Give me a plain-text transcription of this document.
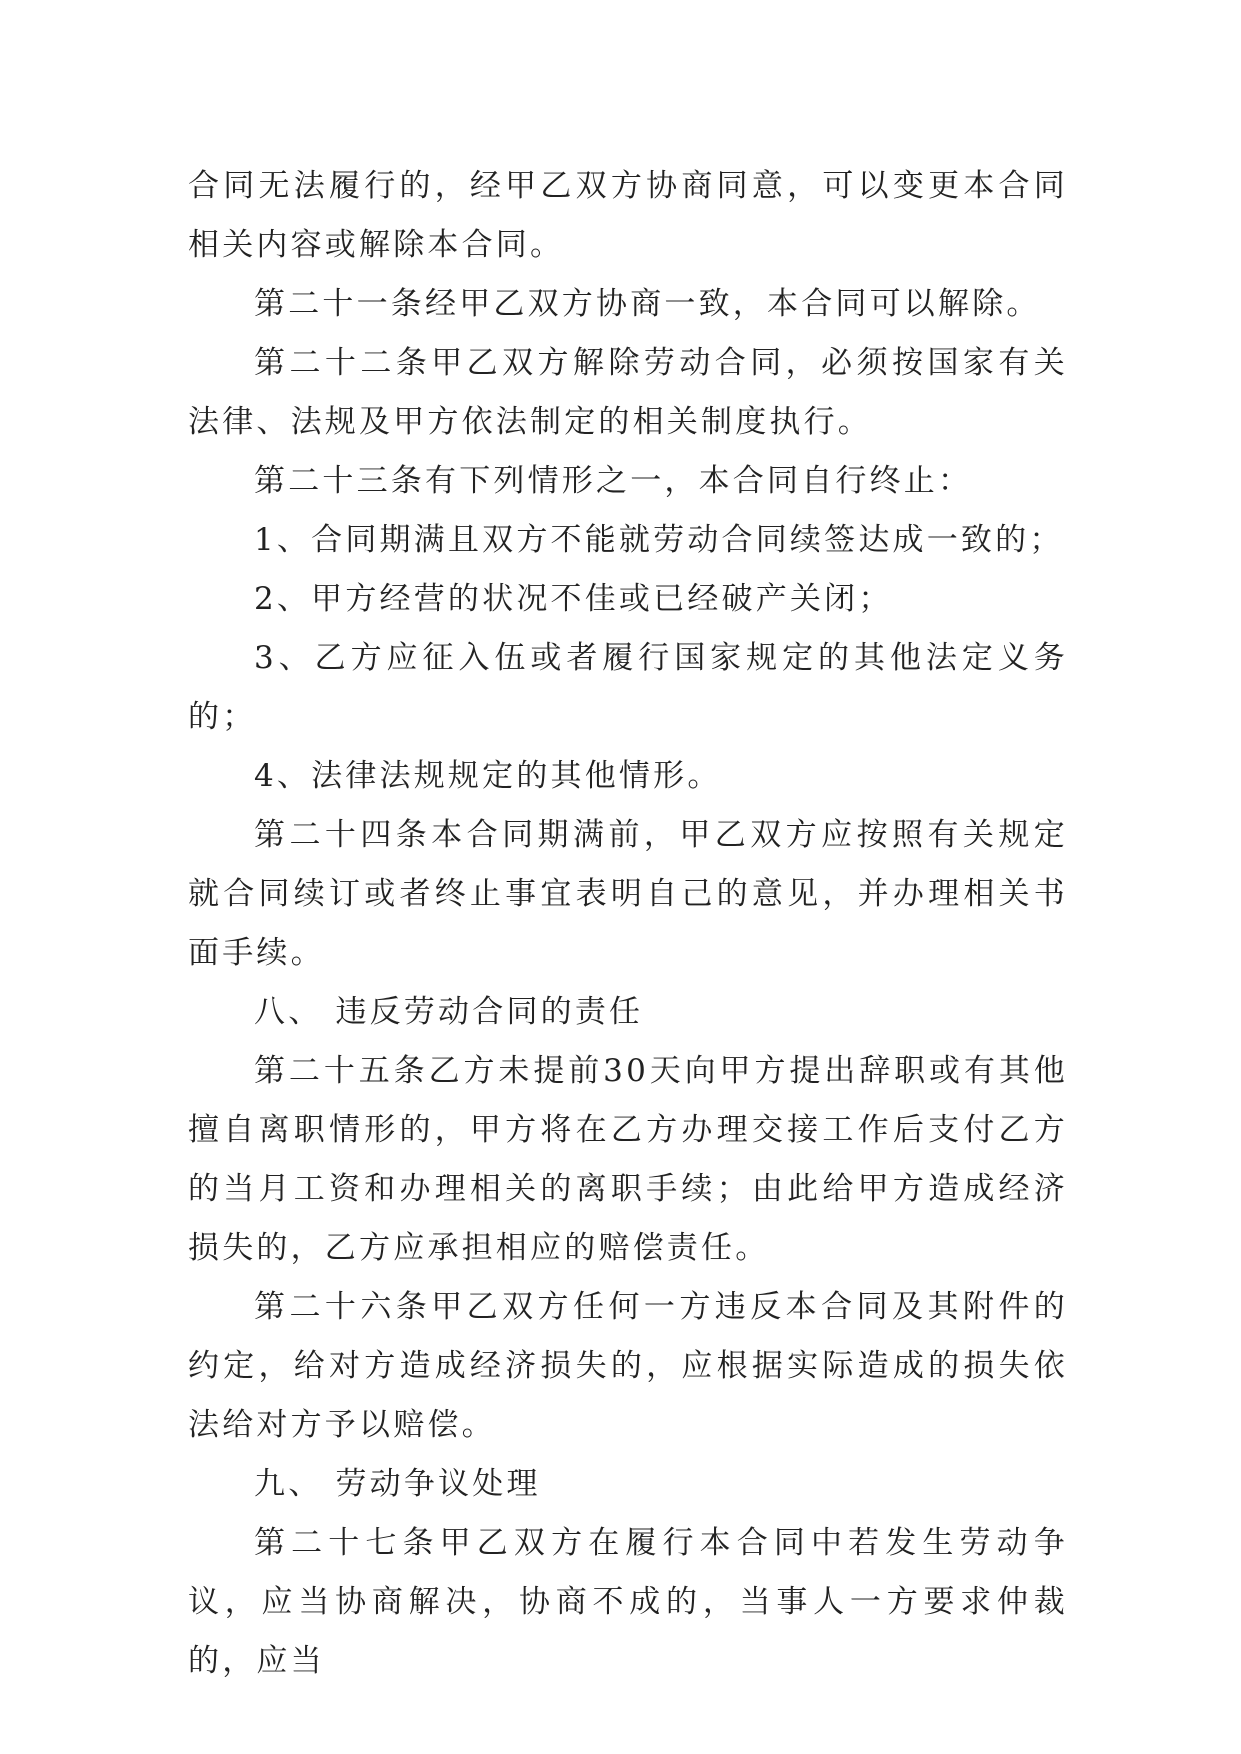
合同无法履行的，经甲乙双方协商同意，可以变更本合同相关内容或解除本合同。

第二十一条经甲乙双方协商一致，本合同可以解除。

第二十二条甲乙双方解除劳动合同，必须按国家有关法律、法规及甲方依法制定的相关制度执行。

第二十三条有下列情形之一，本合同自行终止：

1、合同期满且双方不能就劳动合同续签达成一致的；

2、甲方经营的状况不佳或已经破产关闭；

3、乙方应征入伍或者履行国家规定的其他法定义务的；

4、法律法规规定的其他情形。

第二十四条本合同期满前，甲乙双方应按照有关规定就合同续订或者终止事宜表明自己的意见，并办理相关书面手续。

八、 违反劳动合同的责任

第二十五条乙方未提前30天向甲方提出辞职或有其他擅自离职情形的，甲方将在乙方办理交接工作后支付乙方的当月工资和办理相关的离职手续；由此给甲方造成经济损失的，乙方应承担相应的赔偿责任。

第二十六条甲乙双方任何一方违反本合同及其附件的约定，给对方造成经济损失的，应根据实际造成的损失依法给对方予以赔偿。

九、 劳动争议处理

第二十七条甲乙双方在履行本合同中若发生劳动争议，应当协商解决，协商不成的，当事人一方要求仲裁的，应当
